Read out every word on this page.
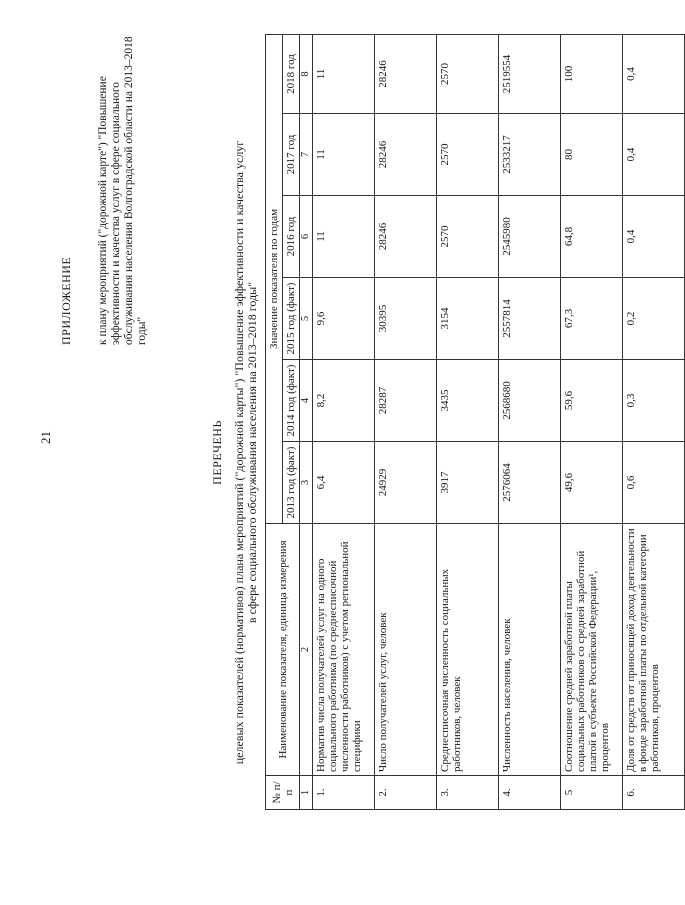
21
ПРИЛОЖЕНИЕ к плану мероприятий ("дорожной карте") "Повышение эффективности и качества услуг в сфере социального обслуживания населения Волгоградской области на 2013–2018 годы"
ПЕРЕЧЕНЬ целевых показателей (нормативов) плана мероприятий ("дорожной карты") "Повышение эффективности и качества услуг в сфере социального обслуживания населения на 2013–2018 годы"
№ п/п	Наименование показателя, единица измерения	Значение показателя по годам					
		2013 год (факт)	2014 год (факт)	2015 год (факт)	2016 год	2017 год	2018 год
1	2	3	4	5	6	7	8
1.	Норматив числа получателей услуг на одного социального работника (по среднесписочной численности работников) с учетом региональной специфики	6,4	8,2	9,6	11	11	11
2.	Число получателей услуг, человек	24929	28287	30395	28246	28246	28246
3.	Среднесписочная численность социальных работников, человек	3917	3435	3154	2570	2570	2570
4.	Численность населения, человек	2576064	2568680	2557814	2545980	2533217	2519554
5	Соотношение средней заработной платы социальных работников со средней заработной платой в субъекте Российской Федерации¹, процентов	49,6	59,6	67,3	64,8	80	100
6.	Доля от средств от приносящей доход деятельности в фонде заработной платы по отдельной категории работников, процентов	0,6	0,3	0,2	0,4	0,4	0,4
